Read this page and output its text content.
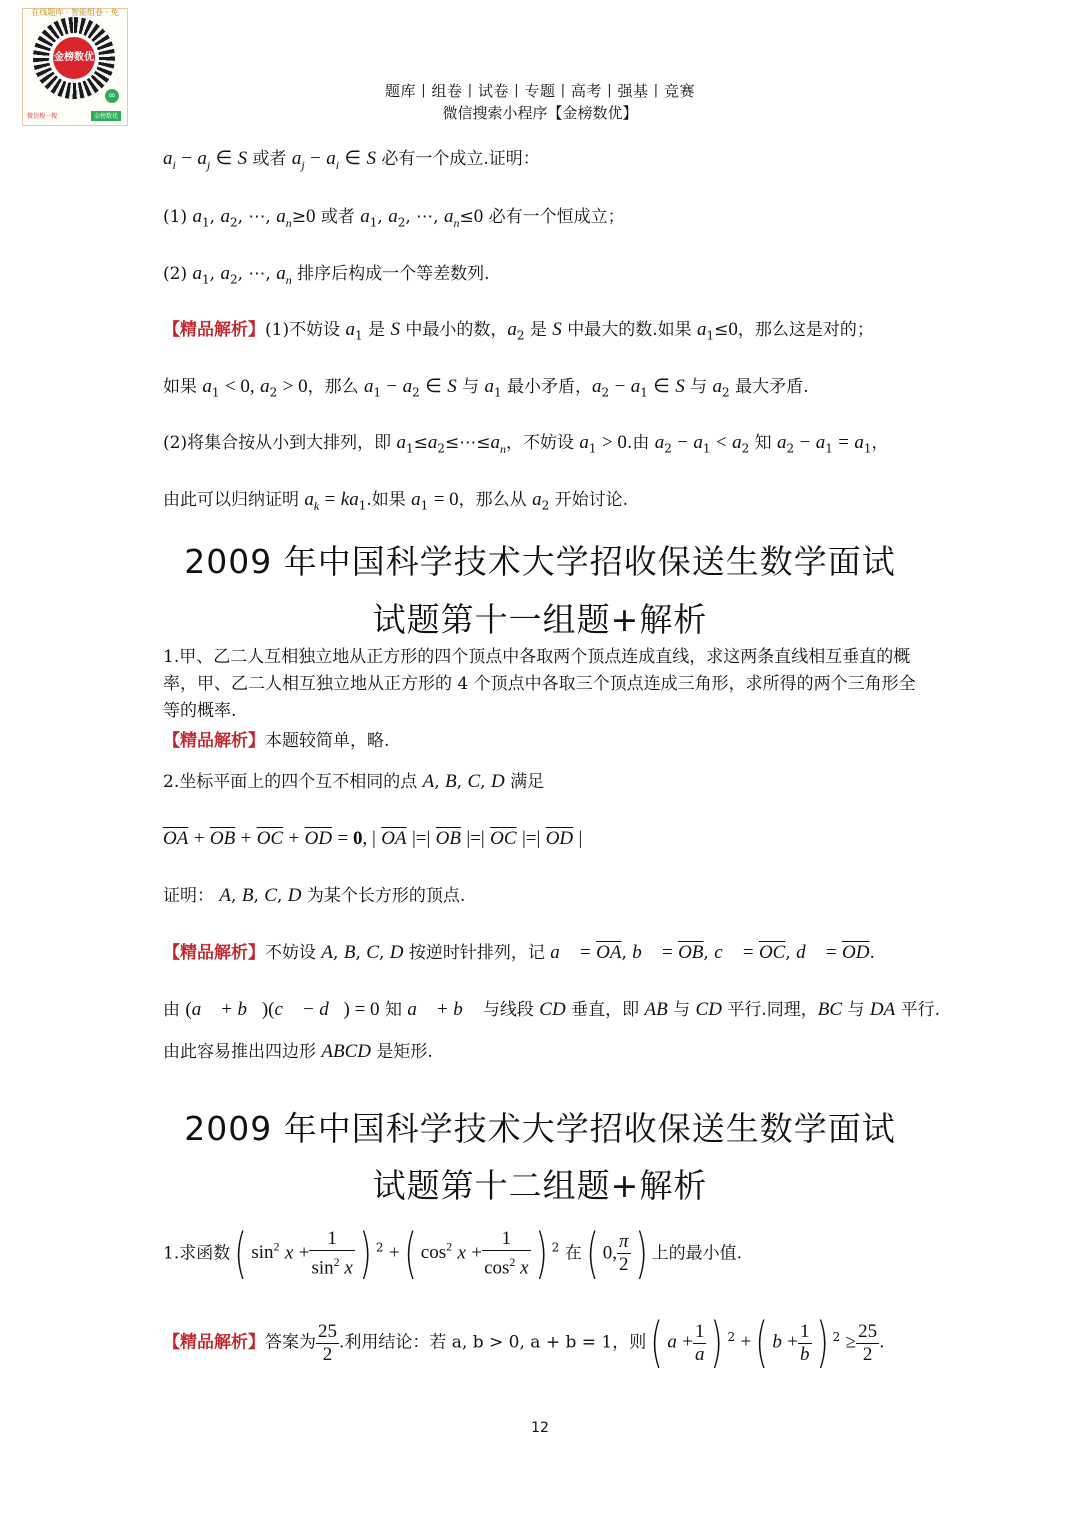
在线题库 · 智能组卷 · 免
金榜数优
∞
微信搜一搜	金榜数优
题库丨组卷丨试卷丨专题丨高考丨强基丨竞赛
微信搜索小程序【金榜数优】
$a_i - a_j$ ∈ S 或者 $a_j - a_i$ ∈ S 必有一个成立.证明：
(1) $a_1$, $a_2$, ⋯, $a_n\ge 0$ 或者 $a_1$, $a_2$, ⋯, $a_n\le 0$ 必有一个恒成立；
(2) $a_1$, $a_2$, ⋯, $a_n$ 排序后构成一个等差数列.
【精品解析】(1)不妨设 $a_1$ 是 S 中最小的数，$a_2$ 是 S 中最大的数.如果 $a_1\le 0$，那么这是对的；
如果 $a_1 < 0$, $a_2 > 0$，那么 $a_1 - a_2$ ∈ S 与 $a_1$ 最小矛盾，$a_2 - a_1$ ∈ S 与 $a_2$ 最大矛盾.
(2)将集合按从小到大排列，即 $a_1\le a_2\le\cdots\le a_n$，不妨设 $a_1 > 0$.由 $a_2 - a_1 < a_2$ 知 $a_2 - a_1 = a_1$，
由此可以归纳证明 $a_k = ka_1$.如果 $a_1 = 0$，那么从 $a_2$ 开始讨论.
2009 年中国科学技术大学招收保送生数学面试
试题第十一组题+解析
1.甲、乙二人互相独立地从正方形的四个顶点中各取两个顶点连成直线，求这两条直线相互垂直的概率，甲、乙二人相互独立地从正方形的 4 个顶点中各取三个顶点连成三角形，求所得的两个三角形全等的概率.
【精品解析】本题较简单，略.
2.坐标平面上的四个互不相同的点 A, B, C, D 满足
$\overline{OA} + \overline{OB} + \overline{OC} + \overline{OD} = 0$, | $\overline{OA}$ |=| $\overline{OB}$ |=| $\overline{OC}$ |=| $\overline{OD}$ |
证明： A, B, C, D 为某个长方形的顶点.
【精品解析】不妨设 A, B, C, D 按逆时针排列，记 a⃗ = $\overline{OA}$, b⃗ = $\overline{OB}$, c⃗ = $\overline{OC}$, d⃗ = $\overline{OD}$.
由 (a⃗ + b⃗)(c⃗ − d⃗) = 0 知 a⃗ + b⃗ 与线段 CD 垂直，即 AB 与 CD 平行.同理，BC 与 DA 平行.
由此容易推出四边形 ABCD 是矩形.
2009 年中国科学技术大学招收保送生数学面试
试题第十二组题+解析
1.求函数( $\sin^2 x + \frac{1}{\sin^2 x}$ ) $^2$ +( $\cos^2 x + \frac{1}{\cos^2 x}$ ) $^2$ 在( 0, $\frac{\pi}{2}$ ) 上的最小值.
【精品解析】答案为 $\frac{25}{2}$ .利用结论：若 a, b > 0, a + b = 1，则( $a + \frac{1}{a}$ ) $^2$ +( $b + \frac{1}{b}$ ) $^2 \ge \frac{25}{2}$ .
12
